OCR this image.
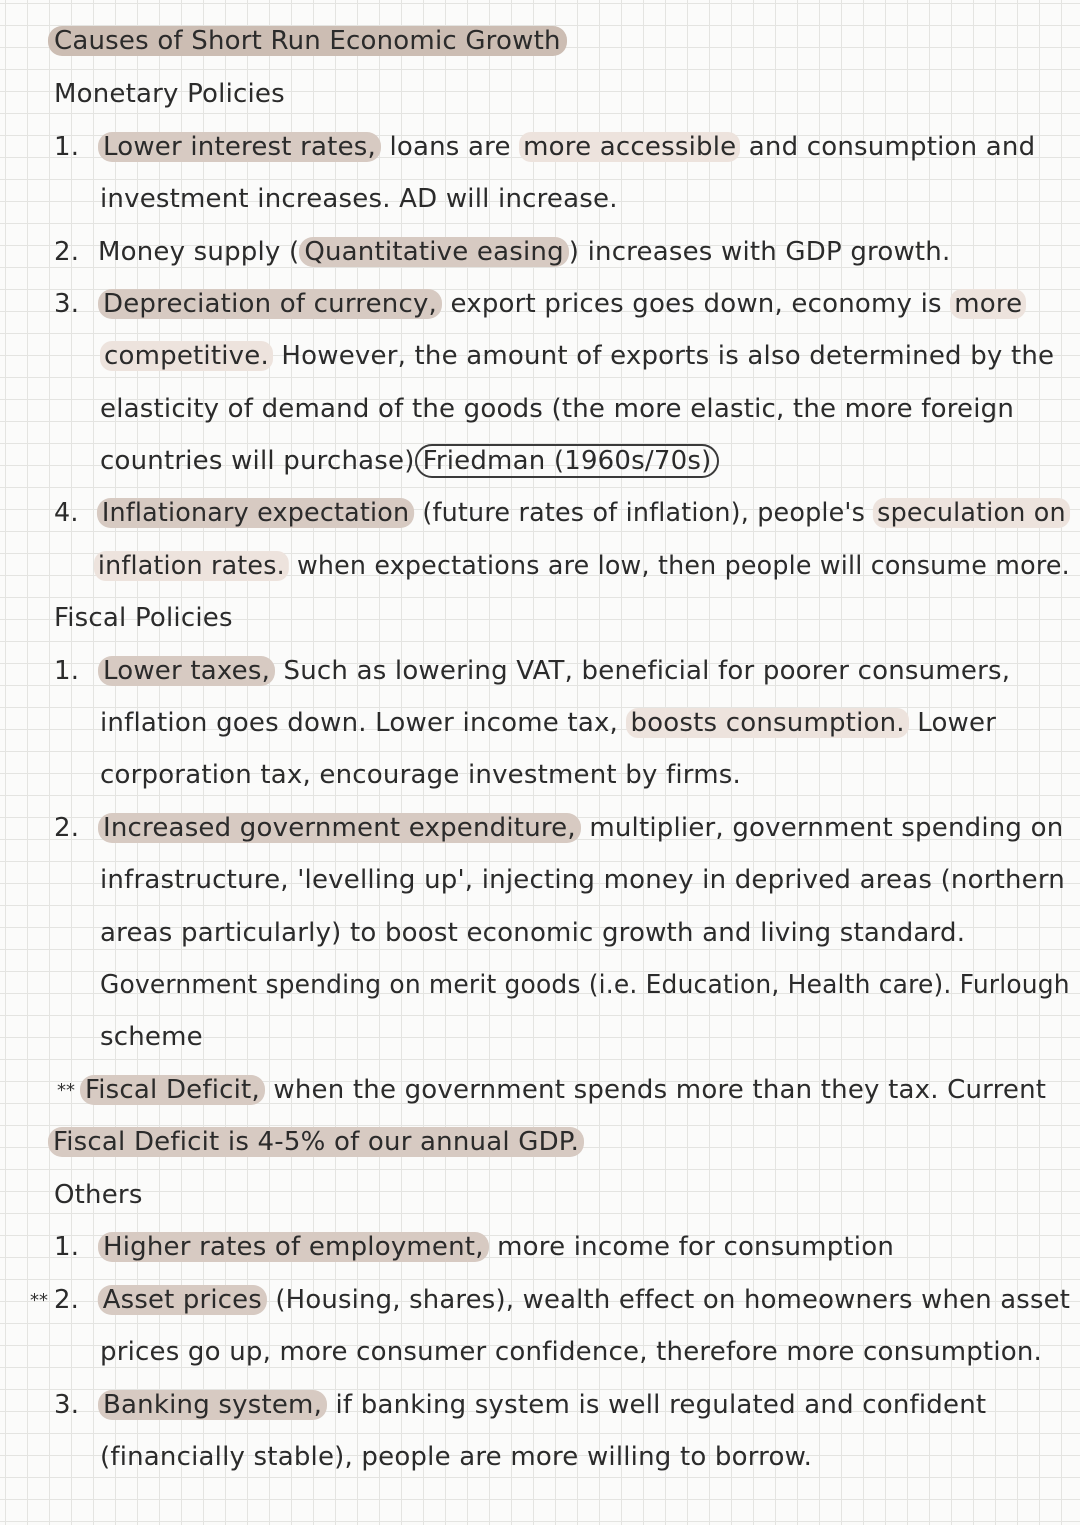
Causes of Short Run Economic Growth
Monetary Policies
1. Lower interest rates, loans are more accessible and consumption and
investment increases. AD will increase.
2. Money supply ( Quantitative easing ) increases with GDP growth.
3. Depreciation of currency, export prices goes down, economy is more
competitive. However, the amount of exports is also determined by the
elasticity of demand of the goods (the more elastic, the more foreign
countries will purchase) Friedman (1960s/70s)
4. Inflationary expectation (future rates of inflation), people's speculation on
inflation rates. when expectations are low, then people will consume more.
Fiscal Policies
1. Lower taxes, Such as lowering VAT, beneficial for poorer consumers,
inflation goes down. Lower income tax, boosts consumption. Lower
corporation tax, encourage investment by firms.
2. Increased government expenditure, multiplier, government spending on
infrastructure, 'levelling up', injecting money in deprived areas (northern
areas particularly) to boost economic growth and living standard.
Government spending on merit goods (i.e. Education, Health care). Furlough
scheme
** Fiscal Deficit, when the government spends more than they tax. Current
Fiscal Deficit is 4-5% of our annual GDP.
Others
1. Higher rates of employment, more income for consumption
** 2. Asset prices (Housing, shares), wealth effect on homeowners when asset
prices go up, more consumer confidence, therefore more consumption.
3. Banking system, if banking system is well regulated and confident
(financially stable), people are more willing to borrow.
